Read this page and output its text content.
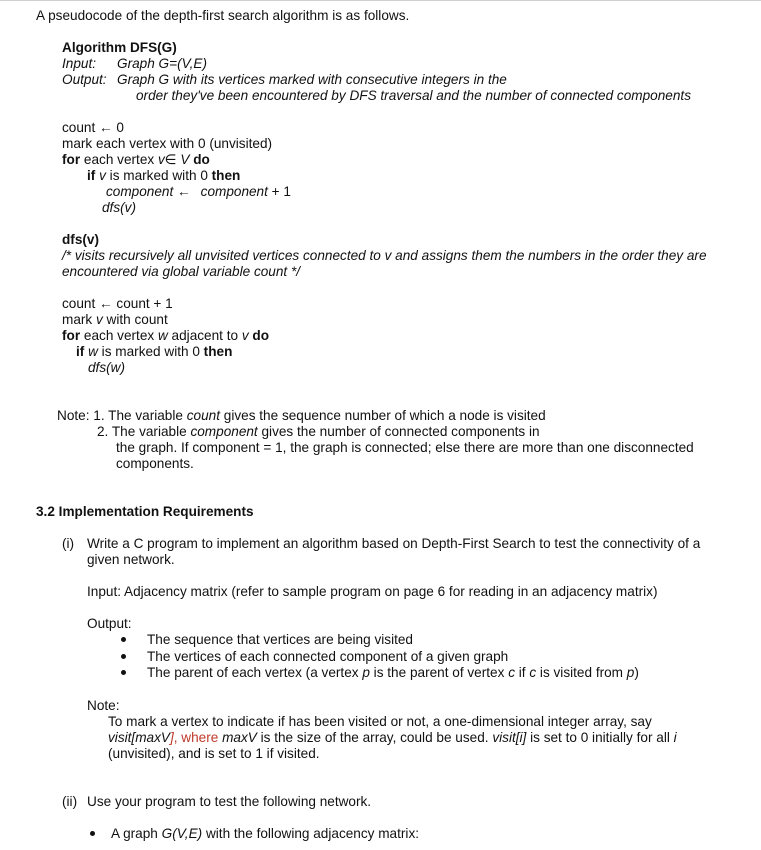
A pseudocode of the depth-first search algorithm is as follows.
Algorithm DFS(G)
Input: Graph G=(V,E)
Output: Graph G with its vertices marked with consecutive integers in the
order they've been encountered by DFS traversal and the number of connected components
count ← 0
mark each vertex with 0 (unvisited)
for each vertex v∈ V do
if v is marked with 0 then
component ← component + 1
dfs(v)
dfs(v)
/* visits recursively all unvisited vertices connected to v and assigns them the numbers in the order they are
encountered via global variable count */
count ← count + 1
mark v with count
for each vertex w adjacent to v do
if w is marked with 0 then
dfs(w)
Note: 1. The variable count gives the sequence number of which a node is visited
2. The variable component gives the number of connected components in
the graph. If component = 1, the graph is connected; else there are more than one disconnected
components.
3.2 Implementation Requirements
(i) Write a C program to implement an algorithm based on Depth-First Search to test the connectivity of a
given network.
Input: Adjacency matrix (refer to sample program on page 6 for reading in an adjacency matrix)
Output:
The sequence that vertices are being visited
The vertices of each connected component of a given graph
The parent of each vertex (a vertex p is the parent of vertex c if c is visited from p)
Note:
To mark a vertex to indicate if has been visited or not, a one-dimensional integer array, say
visit[maxV], where maxV is the size of the array, could be used. visit[i] is set to 0 initially for all i
(unvisited), and is set to 1 if visited.
(ii) Use your program to test the following network.
A graph G(V,E) with the following adjacency matrix:
